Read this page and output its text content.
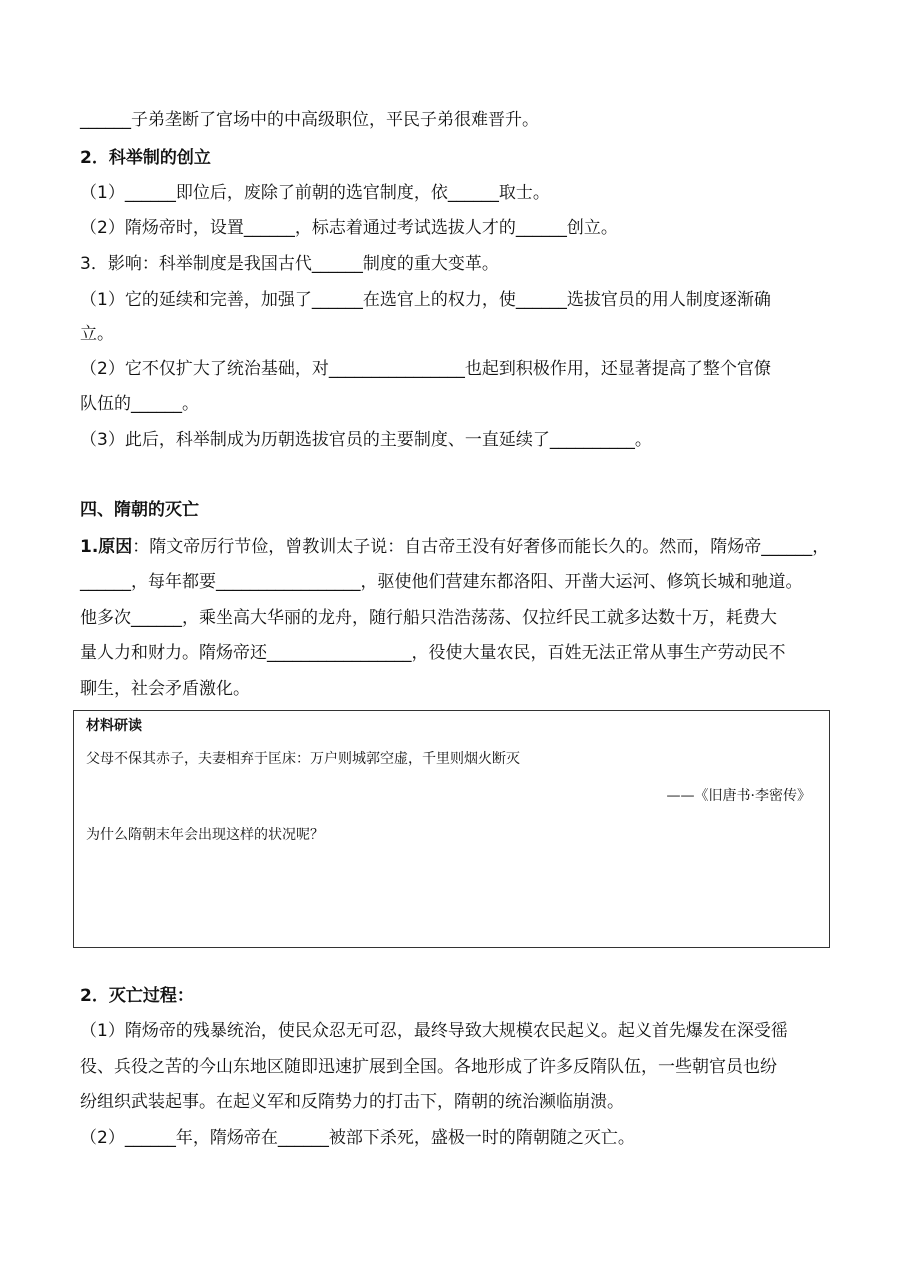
______子弟垄断了官场中的中高级职位，平民子弟很难晋升。
2．科举制的创立
（1）______即位后，废除了前朝的选官制度，依______取士。
（2）隋炀帝时，设置______，标志着通过考试选拔人才的______创立。
3．影响：科举制度是我国古代______制度的重大变革。
（1）它的延续和完善，加强了______在选官上的权力，使______选拔官员的用人制度逐渐确
立。
（2）它不仅扩大了统治基础，对________________也起到积极作用，还显著提高了整个官僚
队伍的______。
（3）此后，科举制成为历朝选拔官员的主要制度、一直延续了__________。
四、隋朝的灭亡
1.原因：隋文帝厉行节俭，曾教训太子说：自古帝王没有好奢侈而能长久的。然而，隋炀帝______，
______，每年都要_________________，驱使他们营建东都洛阳、开凿大运河、修筑长城和驰道。
他多次______，乘坐高大华丽的龙舟，随行船只浩浩荡荡、仅拉纤民工就多达数十万，耗费大
量人力和财力。隋炀帝还_________________，役使大量农民，百姓无法正常从事生产劳动民不
聊生，社会矛盾激化。
材料研读
父母不保其赤子，夫妻相弃于匡床：万户则城郭空虚，千里则烟火断灭
——《旧唐书·李密传》
为什么隋朝末年会出现这样的状况呢？
2．灭亡过程：
（1）隋炀帝的残暴统治，使民众忍无可忍，最终导致大规模农民起义。起义首先爆发在深受徭
役、兵役之苦的今山东地区随即迅速扩展到全国。各地形成了许多反隋队伍，一些朝官员也纷
纷组织武装起事。在起义军和反隋势力的打击下，隋朝的统治濒临崩溃。
（2）______年，隋炀帝在______被部下杀死，盛极一时的隋朝随之灭亡。
